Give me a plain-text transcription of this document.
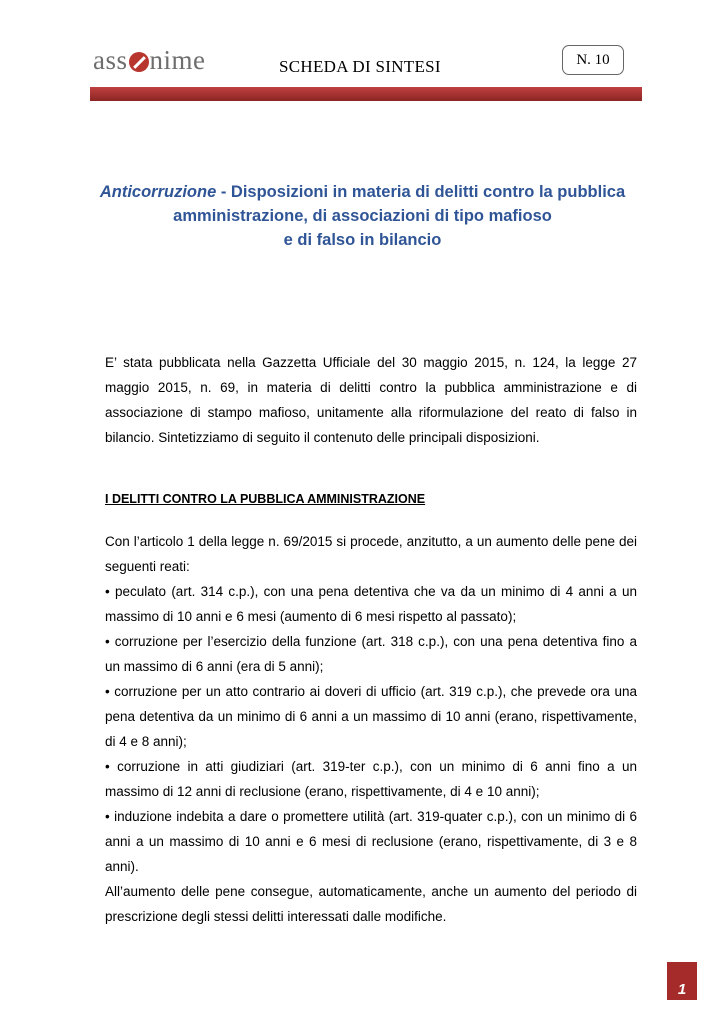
ass nime	SCHEDA DI SINTESI	N. 10
Anticorruzione - Disposizioni in materia di delitti contro la pubblica
amministrazione, di associazioni di tipo mafioso
e di falso in bilancio
E’ stata pubblicata nella Gazzetta Ufficiale del 30 maggio 2015, n. 124, la legge 27 maggio 2015, n. 69, in materia di delitti contro la pubblica amministrazione e di associazione di stampo mafioso, unitamente alla riformulazione del reato di falso in bilancio. Sintetizziamo di seguito il contenuto delle principali disposizioni.
I DELITTI CONTRO LA PUBBLICA AMMINISTRAZIONE

Con l’articolo 1 della legge n. 69/2015 si procede, anzitutto, a un aumento delle pene dei seguenti reati:

• peculato (art. 314 c.p.), con una pena detentiva che va da un minimo di 4 anni a un massimo di 10 anni e 6 mesi (aumento di 6 mesi rispetto al passato);

• corruzione per l’esercizio della funzione (art. 318 c.p.), con una pena detentiva fino a un massimo di 6 anni (era di 5 anni);

• corruzione per un atto contrario ai doveri di ufficio (art. 319 c.p.), che prevede ora una pena detentiva da un minimo di 6 anni a un massimo di 10 anni (erano, rispettivamente, di 4 e 8 anni);

• corruzione in atti giudiziari (art. 319-ter c.p.), con un minimo di 6 anni fino a un massimo di 12 anni di reclusione (erano, rispettivamente, di 4 e 10 anni);

• induzione indebita a dare o promettere utilità (art. 319-quater c.p.), con un minimo di 6 anni a un massimo di 10 anni e 6 mesi di reclusione (erano, rispettivamente, di 3 e 8 anni).

All’aumento delle pene consegue, automaticamente, anche un aumento del periodo di prescrizione degli stessi delitti interessati dalle modifiche.

1
